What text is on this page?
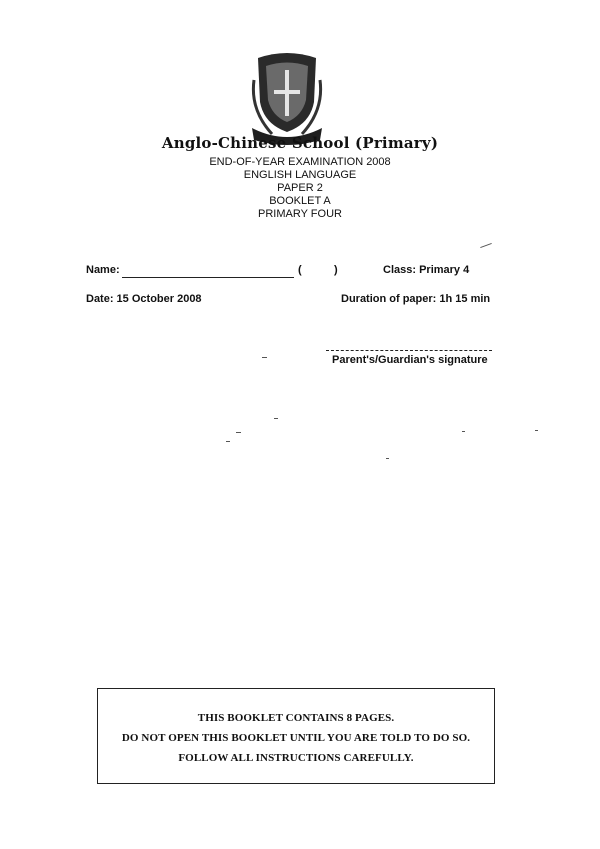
Anglo-Chinese School (Primary)
END-OF-YEAR EXAMINATION 2008
ENGLISH LANGUAGE
PAPER 2
BOOKLET A
PRIMARY FOUR
Name:	(	)	Class: Primary 4
Date: 15 October 2008	Duration of paper: 1h 15 min
Parent's/Guardian's signature
THIS BOOKLET CONTAINS 8 PAGES.
DO NOT OPEN THIS BOOKLET UNTIL YOU ARE TOLD TO DO SO.
FOLLOW ALL INSTRUCTIONS CAREFULLY.
